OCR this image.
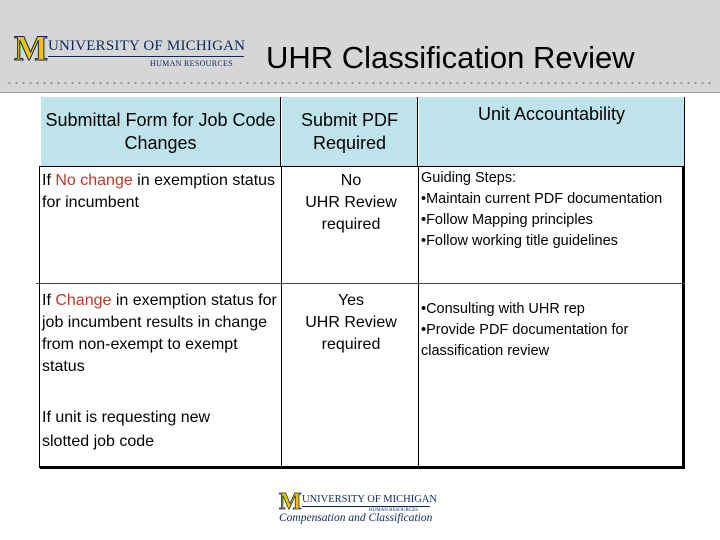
M UNIVERSITY OF MICHIGAN
HUMAN RESOURCES UHR Classification Review
Submittal Form for Job Code Changes
Submit PDF Required
Unit Accountability
If No change in exemption status for incumbent
No
UHR Review required
Guiding Steps:
•Maintain current PDF documentation
•Follow Mapping principles
•Follow working title guidelines
If Change in exemption status for job incumbent results in change from non-exempt to exempt status
Yes
UHR Review required
•Consulting with UHR rep
•Provide PDF documentation for classification review
If unit is requesting new slotted job code
M UNIVERSITY OF MICHIGAN
HUMAN RESOURCES
Compensation and Classification
